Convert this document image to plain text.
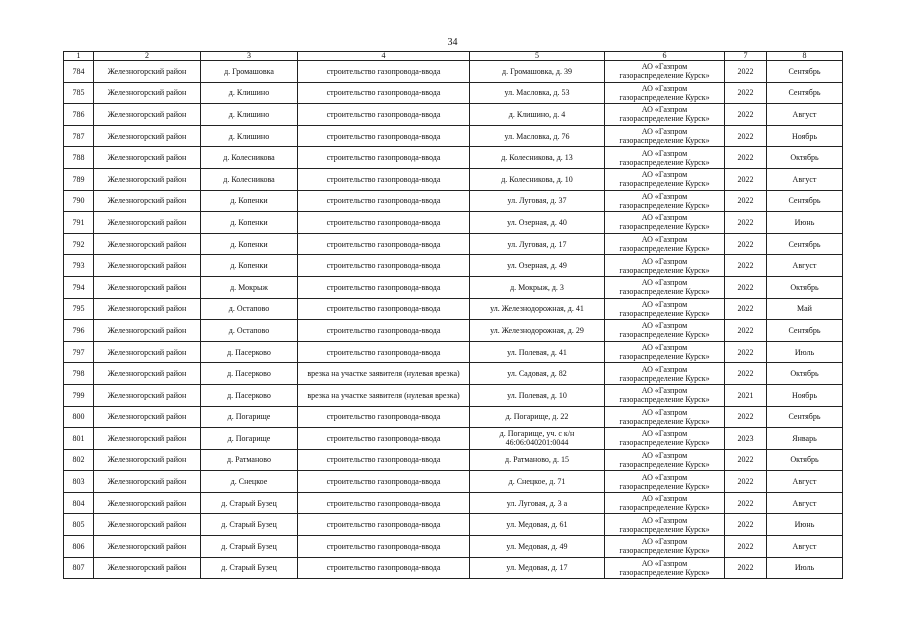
34
1	2	3	4	5	6	7	8
784	Железногорский район	д. Громашовка	строительство газопровода-ввода	д. Громашовка, д. 39	АО «Газпром
газораспределение Курск»	2022	Сентябрь
785	Железногорский район	д. Клишино	строительство газопровода-ввода	ул. Масловка, д. 53	АО «Газпром
газораспределение Курск»	2022	Сентябрь
786	Железногорский район	д. Клишино	строительство газопровода-ввода	д. Клишино, д. 4	АО «Газпром
газораспределение Курск»	2022	Август
787	Железногорский район	д. Клишино	строительство газопровода-ввода	ул. Масловка, д. 76	АО «Газпром
газораспределение Курск»	2022	Ноябрь
788	Железногорский район	д. Колесникова	строительство газопровода-ввода	д. Колесникова, д. 13	АО «Газпром
газораспределение Курск»	2022	Октябрь
789	Железногорский район	д. Колесникова	строительство газопровода-ввода	д. Колесникова, д. 10	АО «Газпром
газораспределение Курск»	2022	Август
790	Железногорский район	д. Копенки	строительство газопровода-ввода	ул. Луговая, д. 37	АО «Газпром
газораспределение Курск»	2022	Сентябрь
791	Железногорский район	д. Копенки	строительство газопровода-ввода	ул. Озерная, д. 40	АО «Газпром
газораспределение Курск»	2022	Июнь
792	Железногорский район	д. Копенки	строительство газопровода-ввода	ул. Луговая, д. 17	АО «Газпром
газораспределение Курск»	2022	Сентябрь
793	Железногорский район	д. Копенки	строительство газопровода-ввода	ул. Озерная, д. 49	АО «Газпром
газораспределение Курск»	2022	Август
794	Железногорский район	д. Мокрыж	строительство газопровода-ввода	д. Мокрыж, д. 3	АО «Газпром
газораспределение Курск»	2022	Октябрь
795	Железногорский район	д. Остапово	строительство газопровода-ввода	ул. Железнодорожная, д. 41	АО «Газпром
газораспределение Курск»	2022	Май
796	Железногорский район	д. Остапово	строительство газопровода-ввода	ул. Железнодорожная, д. 29	АО «Газпром
газораспределение Курск»	2022	Сентябрь
797	Железногорский район	д. Пасерково	строительство газопровода-ввода	ул. Полевая, д. 41	АО «Газпром
газораспределение Курск»	2022	Июль
798	Железногорский район	д. Пасерково	врезка на участке заявителя (нулевая врезка)	ул. Садовая, д. 82	АО «Газпром
газораспределение Курск»	2022	Октябрь
799	Железногорский район	д. Пасерково	врезка на участке заявителя (нулевая врезка)	ул. Полевая, д. 10	АО «Газпром
газораспределение Курск»	2021	Ноябрь
800	Железногорский район	д. Погарище	строительство газопровода-ввода	д. Погарище, д. 22	АО «Газпром
газораспределение Курск»	2022	Сентябрь
801	Железногорский район	д. Погарище	строительство газопровода-ввода	д. Погарище, уч. с к/н
46:06:040201:0044	АО «Газпром
газораспределение Курск»	2023	Январь
802	Железногорский район	д. Ратманово	строительство газопровода-ввода	д. Ратманово, д. 15	АО «Газпром
газораспределение Курск»	2022	Октябрь
803	Железногорский район	д. Снецкое	строительство газопровода-ввода	д. Снецкое, д. 71	АО «Газпром
газораспределение Курск»	2022	Август
804	Железногорский район	д. Старый Бузец	строительство газопровода-ввода	ул. Луговая, д. 3 а	АО «Газпром
газораспределение Курск»	2022	Август
805	Железногорский район	д. Старый Бузец	строительство газопровода-ввода	ул. Медовая, д. 61	АО «Газпром
газораспределение Курск»	2022	Июнь
806	Железногорский район	д. Старый Бузец	строительство газопровода-ввода	ул. Медовая, д. 49	АО «Газпром
газораспределение Курск»	2022	Август
807	Железногорский район	д. Старый Бузец	строительство газопровода-ввода	ул. Медовая, д. 17	АО «Газпром
газораспределение Курск»	2022	Июль
